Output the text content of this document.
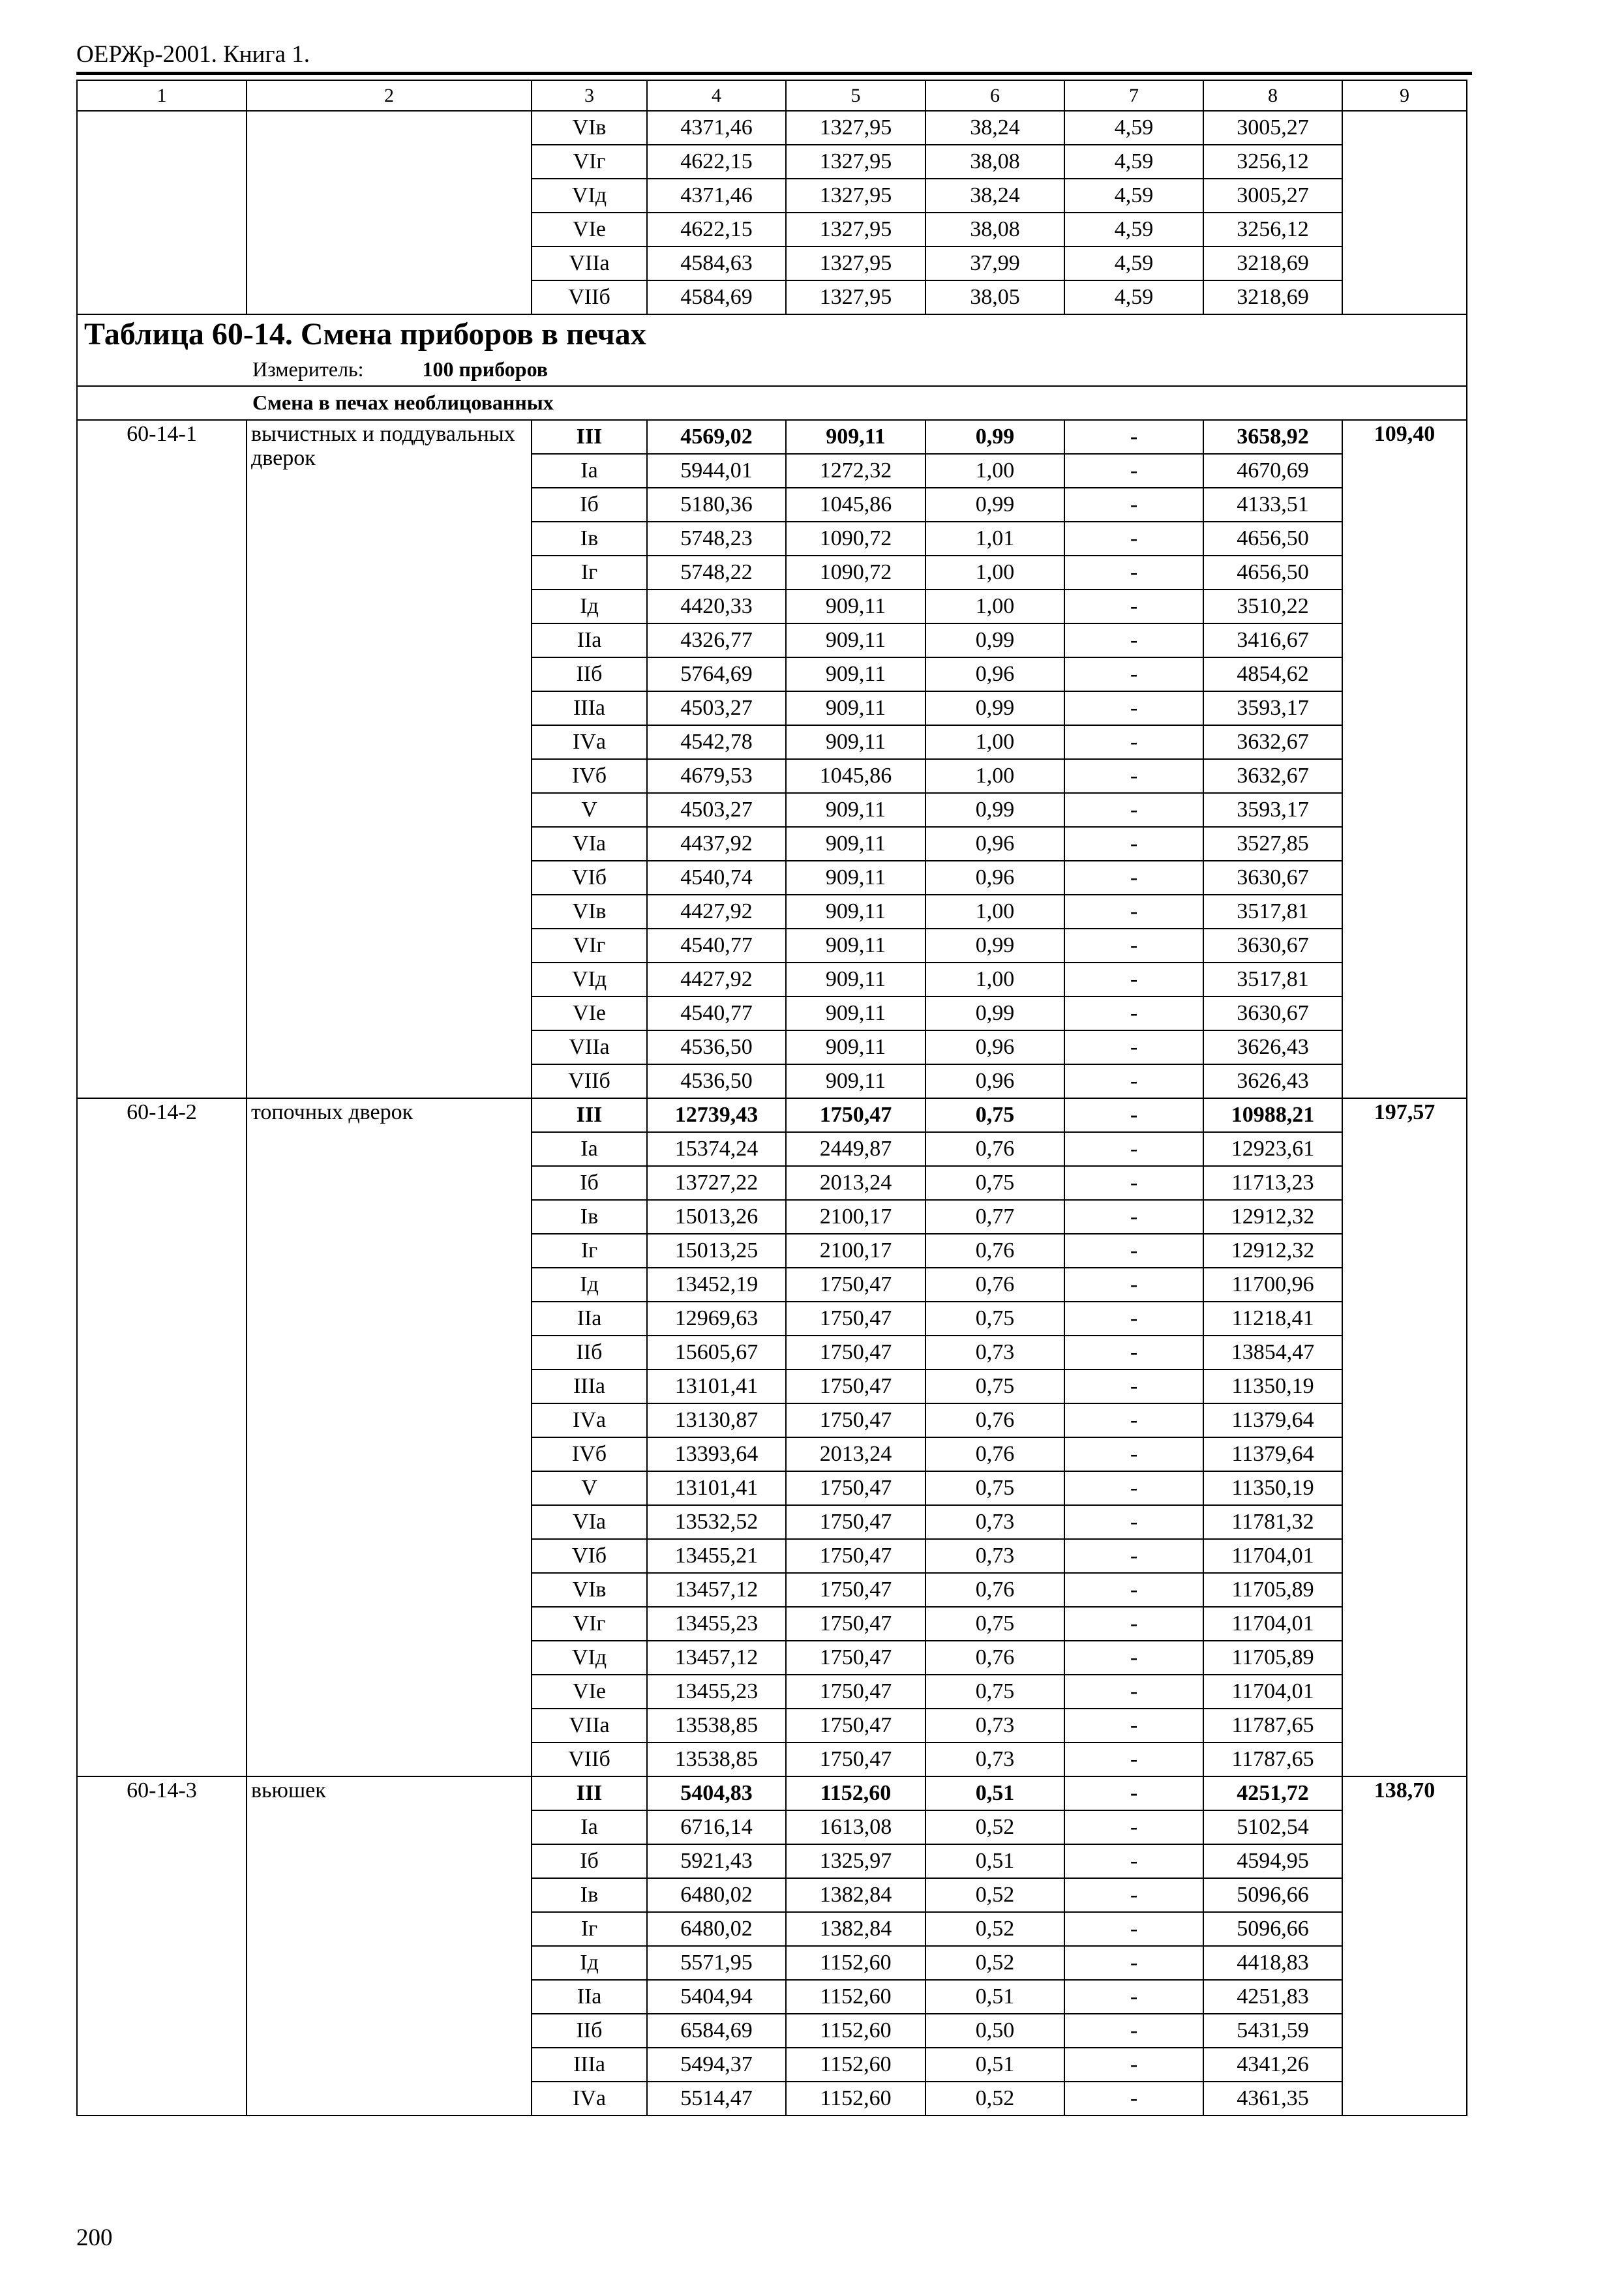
ОЕРЖр-2001. Книга 1.
1	2	3	4	5	6	7	8	9
		VIв	4371,46	1327,95	38,24	4,59	3005,27	
		VIг	4622,15	1327,95	38,08	4,59	3256,12	
		VIд	4371,46	1327,95	38,24	4,59	3005,27	
		VIе	4622,15	1327,95	38,08	4,59	3256,12	
		VIIа	4584,63	1327,95	37,99	4,59	3218,69	
		VIIб	4584,69	1327,95	38,05	4,59	3218,69	
Таблица 60-14. Смена приборов в печах								
Измеритель: 100 приборов								
Смена в печах необлицованных								
60-14-1	вычистных и поддувальных дверок	III	4569,02	909,11	0,99	-	3658,92	109,40
		Iа	5944,01	1272,32	1,00	-	4670,69	
		Iб	5180,36	1045,86	0,99	-	4133,51	
		Iв	5748,23	1090,72	1,01	-	4656,50	
		Iг	5748,22	1090,72	1,00	-	4656,50	
		Iд	4420,33	909,11	1,00	-	3510,22	
		IIа	4326,77	909,11	0,99	-	3416,67	
		IIб	5764,69	909,11	0,96	-	4854,62	
		IIIа	4503,27	909,11	0,99	-	3593,17	
		IVа	4542,78	909,11	1,00	-	3632,67	
		IVб	4679,53	1045,86	1,00	-	3632,67	
		V	4503,27	909,11	0,99	-	3593,17	
		VIа	4437,92	909,11	0,96	-	3527,85	
		VIб	4540,74	909,11	0,96	-	3630,67	
		VIв	4427,92	909,11	1,00	-	3517,81	
		VIг	4540,77	909,11	0,99	-	3630,67	
		VIд	4427,92	909,11	1,00	-	3517,81	
		VIе	4540,77	909,11	0,99	-	3630,67	
		VIIа	4536,50	909,11	0,96	-	3626,43	
		VIIб	4536,50	909,11	0,96	-	3626,43	
60-14-2	топочных дверок	III	12739,43	1750,47	0,75	-	10988,21	197,57
		Iа	15374,24	2449,87	0,76	-	12923,61	
		Iб	13727,22	2013,24	0,75	-	11713,23	
		Iв	15013,26	2100,17	0,77	-	12912,32	
		Iг	15013,25	2100,17	0,76	-	12912,32	
		Iд	13452,19	1750,47	0,76	-	11700,96	
		IIа	12969,63	1750,47	0,75	-	11218,41	
		IIб	15605,67	1750,47	0,73	-	13854,47	
		IIIа	13101,41	1750,47	0,75	-	11350,19	
		IVа	13130,87	1750,47	0,76	-	11379,64	
		IVб	13393,64	2013,24	0,76	-	11379,64	
		V	13101,41	1750,47	0,75	-	11350,19	
		VIа	13532,52	1750,47	0,73	-	11781,32	
		VIб	13455,21	1750,47	0,73	-	11704,01	
		VIв	13457,12	1750,47	0,76	-	11705,89	
		VIг	13455,23	1750,47	0,75	-	11704,01	
		VIд	13457,12	1750,47	0,76	-	11705,89	
		VIе	13455,23	1750,47	0,75	-	11704,01	
		VIIа	13538,85	1750,47	0,73	-	11787,65	
		VIIб	13538,85	1750,47	0,73	-	11787,65	
60-14-3	вьюшек	III	5404,83	1152,60	0,51	-	4251,72	138,70
		Iа	6716,14	1613,08	0,52	-	5102,54	
		Iб	5921,43	1325,97	0,51	-	4594,95	
		Iв	6480,02	1382,84	0,52	-	5096,66	
		Iг	6480,02	1382,84	0,52	-	5096,66	
		Iд	5571,95	1152,60	0,52	-	4418,83	
		IIа	5404,94	1152,60	0,51	-	4251,83	
		IIб	6584,69	1152,60	0,50	-	5431,59	
		IIIа	5494,37	1152,60	0,51	-	4341,26	
		IVа	5514,47	1152,60	0,52	-	4361,35	
200
